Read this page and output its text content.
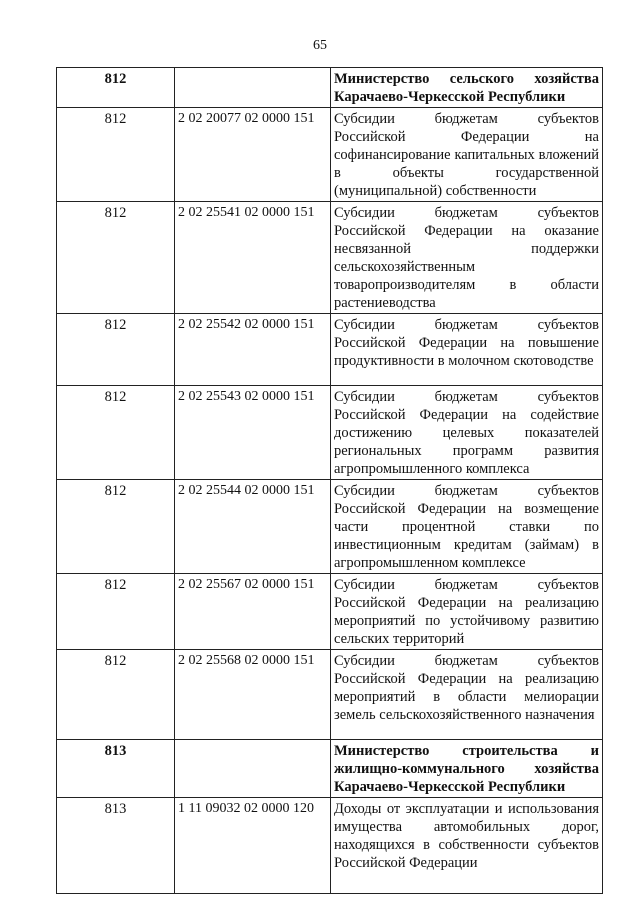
65
812		Министерство сельского хозяйства Карачаево-Черкесской Республики
812	2 02 20077 02 0000 151	Субсидии бюджетам субъектов Российской Федерации на софинансирование капитальных вложений в объекты государственной (муниципальной) собственности
812	2 02 25541 02 0000 151	Субсидии бюджетам субъектов Российской Федерации на оказание несвязанной поддержки сельскохозяйственным товаропроизводителям в области растениеводства
812	2 02 25542 02 0000 151	Субсидии бюджетам субъектов Российской Федерации на повышение продуктивности в молочном скотоводстве
812	2 02 25543 02 0000 151	Субсидии бюджетам субъектов Российской Федерации на содействие достижению целевых показателей региональных программ развития агропромышленного комплекса
812	2 02 25544 02 0000 151	Субсидии бюджетам субъектов Российской Федерации на возмещение части процентной ставки по инвестиционным кредитам (займам) в агропромышленном комплексе
812	2 02 25567 02 0000 151	Субсидии бюджетам субъектов Российской Федерации на реализацию мероприятий по устойчивому развитию сельских территорий
812	2 02 25568 02 0000 151	Субсидии бюджетам субъектов Российской Федерации на реализацию мероприятий в области мелиорации земель сельскохозяйственного назначения
813		Министерство строительства и жилищно-коммунального хозяйства Карачаево-Черкесской Республики
813	1 11 09032 02 0000 120	Доходы от эксплуатации и использования имущества автомобильных дорог, находящихся в собственности субъектов Российской Федерации
